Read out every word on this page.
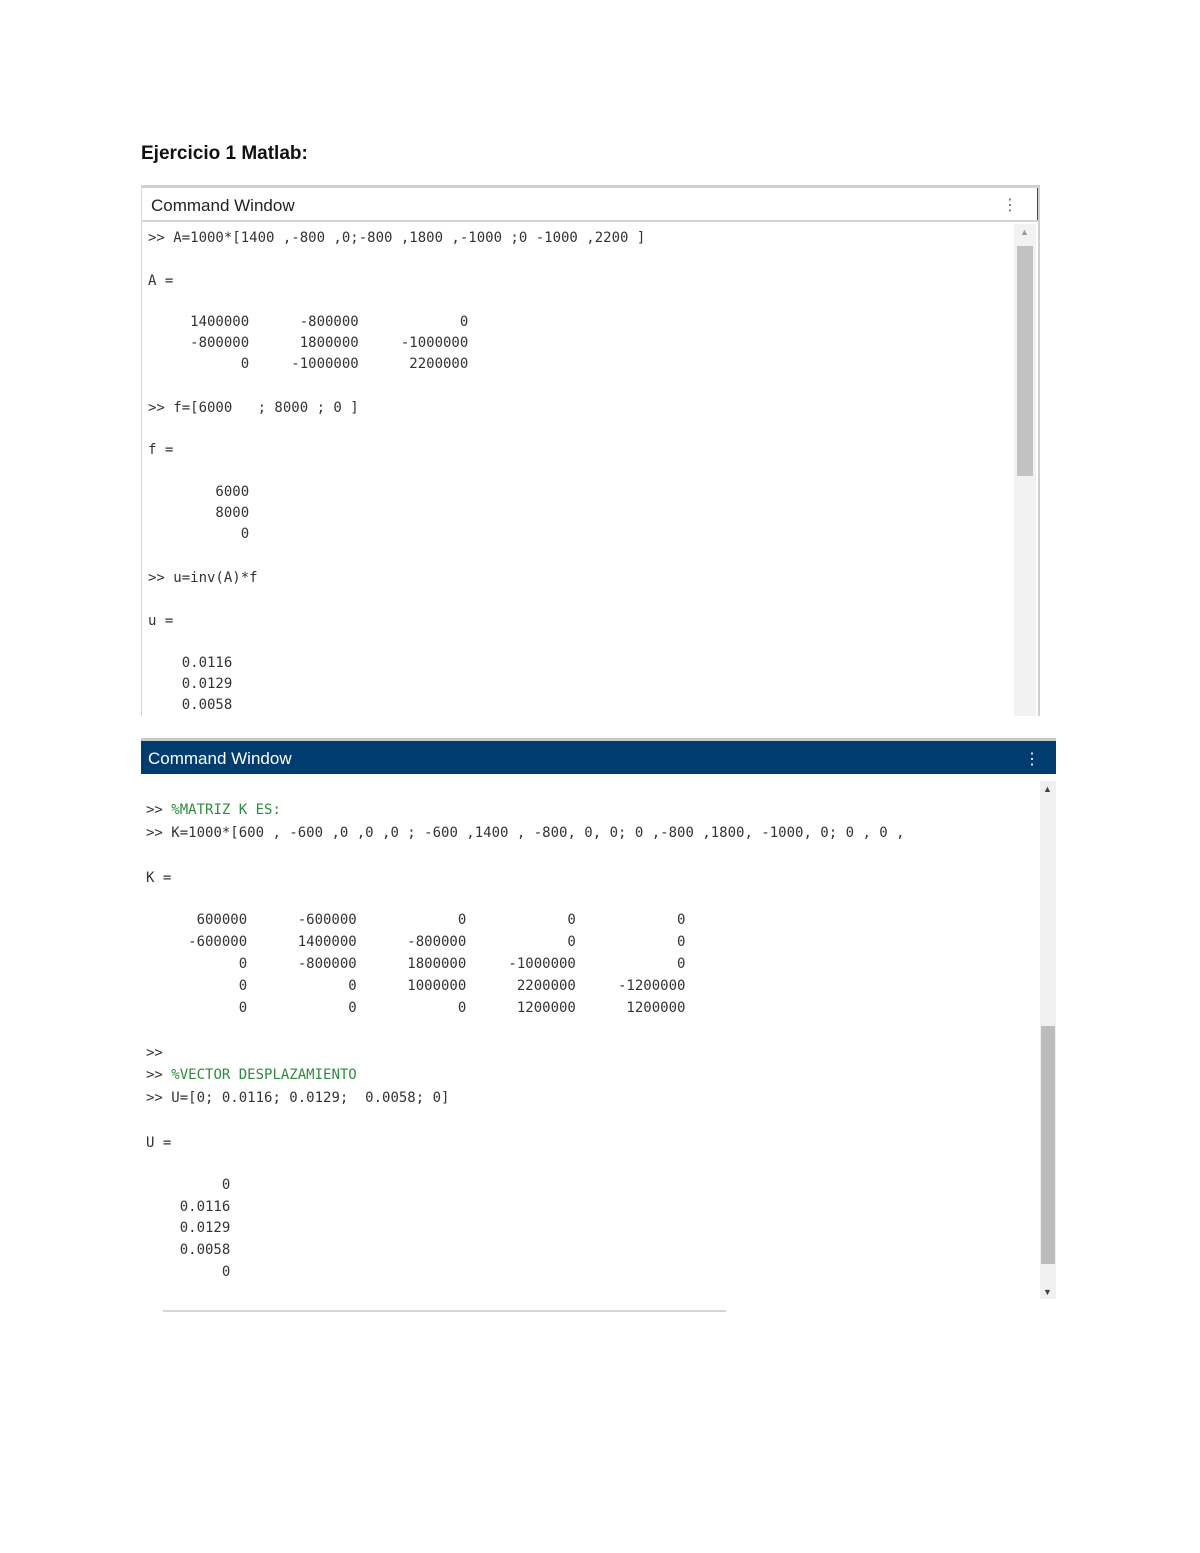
Ejercicio 1 Matlab:
Command Window	⋮
▲
>> A=1000*[1400 ,-800 ,0;-800 ,1800 ,-1000 ;0 -1000 ,2200 ]
A =
1400000      -800000            0
-800000      1800000     -1000000
0     -1000000      2200000
>> f=[6000   ; 8000 ; 0 ]
f =
6000
8000
0
>> u=inv(A)*f
u =
0.0116
0.0129
0.0058
Command Window	⋮
▲
▼
>> %MATRIZ K ES:
>> K=1000*[600 , -600 ,0 ,0 ,0 ; -600 ,1400 , -800, 0, 0; 0 ,-800 ,1800, -1000, 0; 0 , 0 ,
K =
600000      -600000            0            0            0
-600000      1400000      -800000            0            0
0      -800000      1800000     -1000000            0
0            0      1000000      2200000     -1200000
0            0            0      1200000      1200000
>>
>> %VECTOR DESPLAZAMIENTO
>> U=[0; 0.0116; 0.0129;  0.0058; 0]
U =
0
0.0116
0.0129
0.0058
0
